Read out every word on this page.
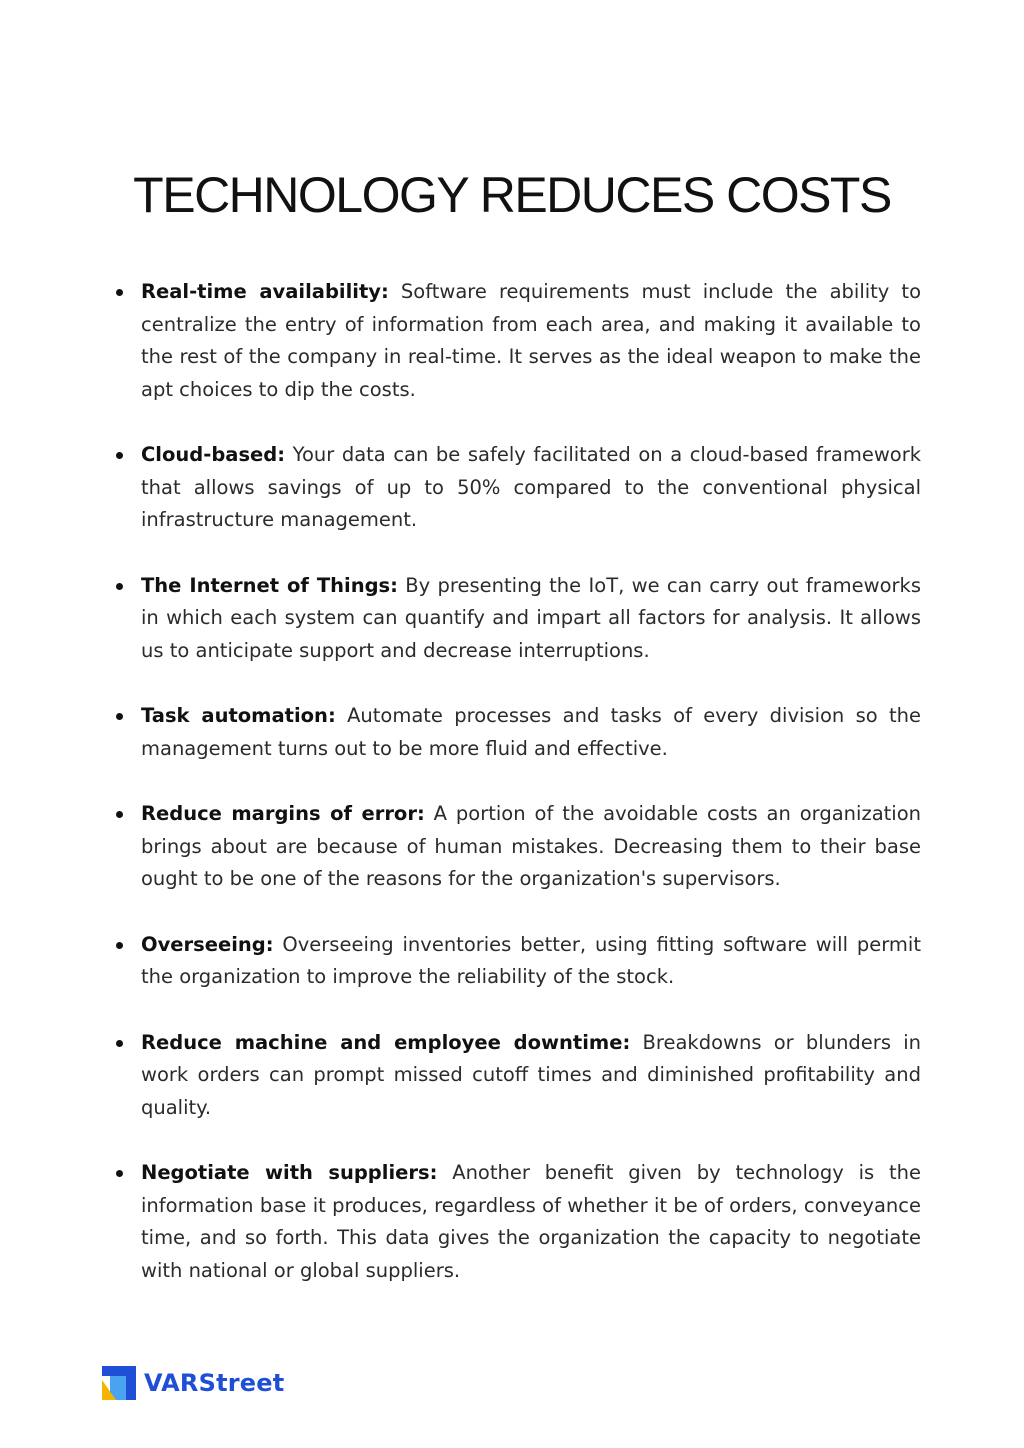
TECHNOLOGY REDUCES COSTS
Real-time availability: Software requirements must include the ability to centralize the entry of information from each area, and making it available to the rest of the company in real-time. It serves as the ideal weapon to make the apt choices to dip the costs.
Cloud-based: Your data can be safely facilitated on a cloud-based framework that allows savings of up to 50% compared to the conventional physical infrastructure management.
The Internet of Things: By presenting the IoT, we can carry out frameworks in which each system can quantify and impart all factors for analysis. It allows us to anticipate support and decrease interruptions.
Task automation: Automate processes and tasks of every division so the management turns out to be more fluid and effective.
Reduce margins of error: A portion of the avoidable costs an organization brings about are because of human mistakes. Decreasing them to their base ought to be one of the reasons for the organization's supervisors.
Overseeing: Overseeing inventories better, using fitting software will permit the organization to improve the reliability of the stock.
Reduce machine and employee downtime: Breakdowns or blunders in work orders can prompt missed cutoff times and diminished profitability and quality.
Negotiate with suppliers: Another benefit given by technology is the information base it produces, regardless of whether it be of orders, conveyance time, and so forth. This data gives the organization the capacity to negotiate with national or global suppliers.
VARStreet
